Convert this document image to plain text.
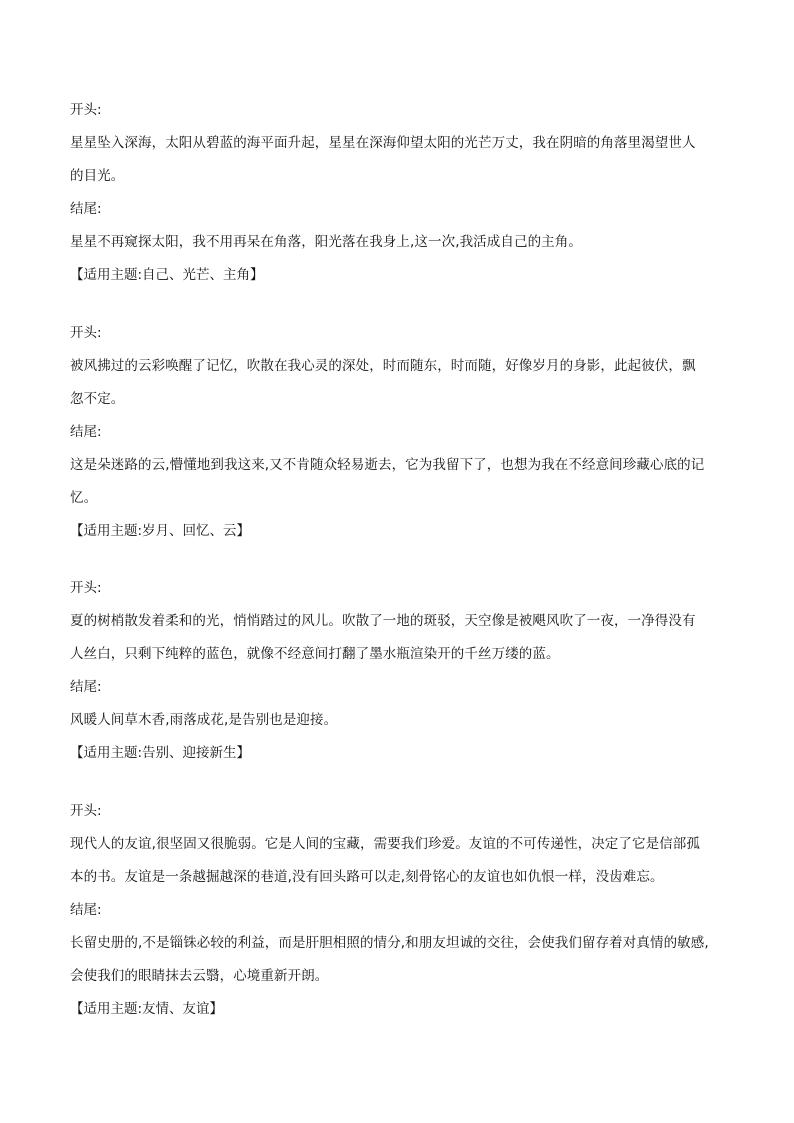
开头:
星星坠入深海，太阳从碧蓝的海平面升起，星星在深海仰望太阳的光芒万丈，我在阴暗的角落里渴望世人
的目光。
结尾:
星星不再窥探太阳，我不用再呆在角落，阳光落在我身上,这一次,我活成自己的主角。
【适用主题:自己、光芒、主角】
开头:
被风拂过的云彩唤醒了记忆，吹散在我心灵的深处，时而随东，时而随，好像岁月的身影，此起彼伏，飘
忽不定。
结尾:
这是朵迷路的云,懵懂地到我这来,又不肯随众轻易逝去，它为我留下了，也想为我在不经意间珍藏心底的记
忆。
【适用主题:岁月、回忆、云】
开头:
夏的树梢散发着柔和的光，悄悄踏过的风儿。吹散了一地的斑驳，天空像是被飓风吹了一夜，一净得没有
人丝白，只剩下纯粹的蓝色，就像不经意间打翻了墨水瓶渲染开的千丝万缕的蓝。
结尾:
风暖人间草木香,雨落成花,是告别也是迎接。
【适用主题:告别、迎接新生】
开头:
现代人的友谊,很坚固又很脆弱。它是人间的宝藏，需要我们珍爱。友谊的不可传递性，决定了它是信部孤
本的书。友谊是一条越掘越深的巷道,没有回头路可以走,刻骨铭心的友谊也如仇恨一样，没齿难忘。
结尾:
长留史册的,不是锱铢必较的利益，而是肝胆相照的情分,和朋友坦诚的交往，会使我们留存着对真情的敏感,
会使我们的眼睛抹去云翳，心境重新开朗。
【适用主题:友情、友谊】
